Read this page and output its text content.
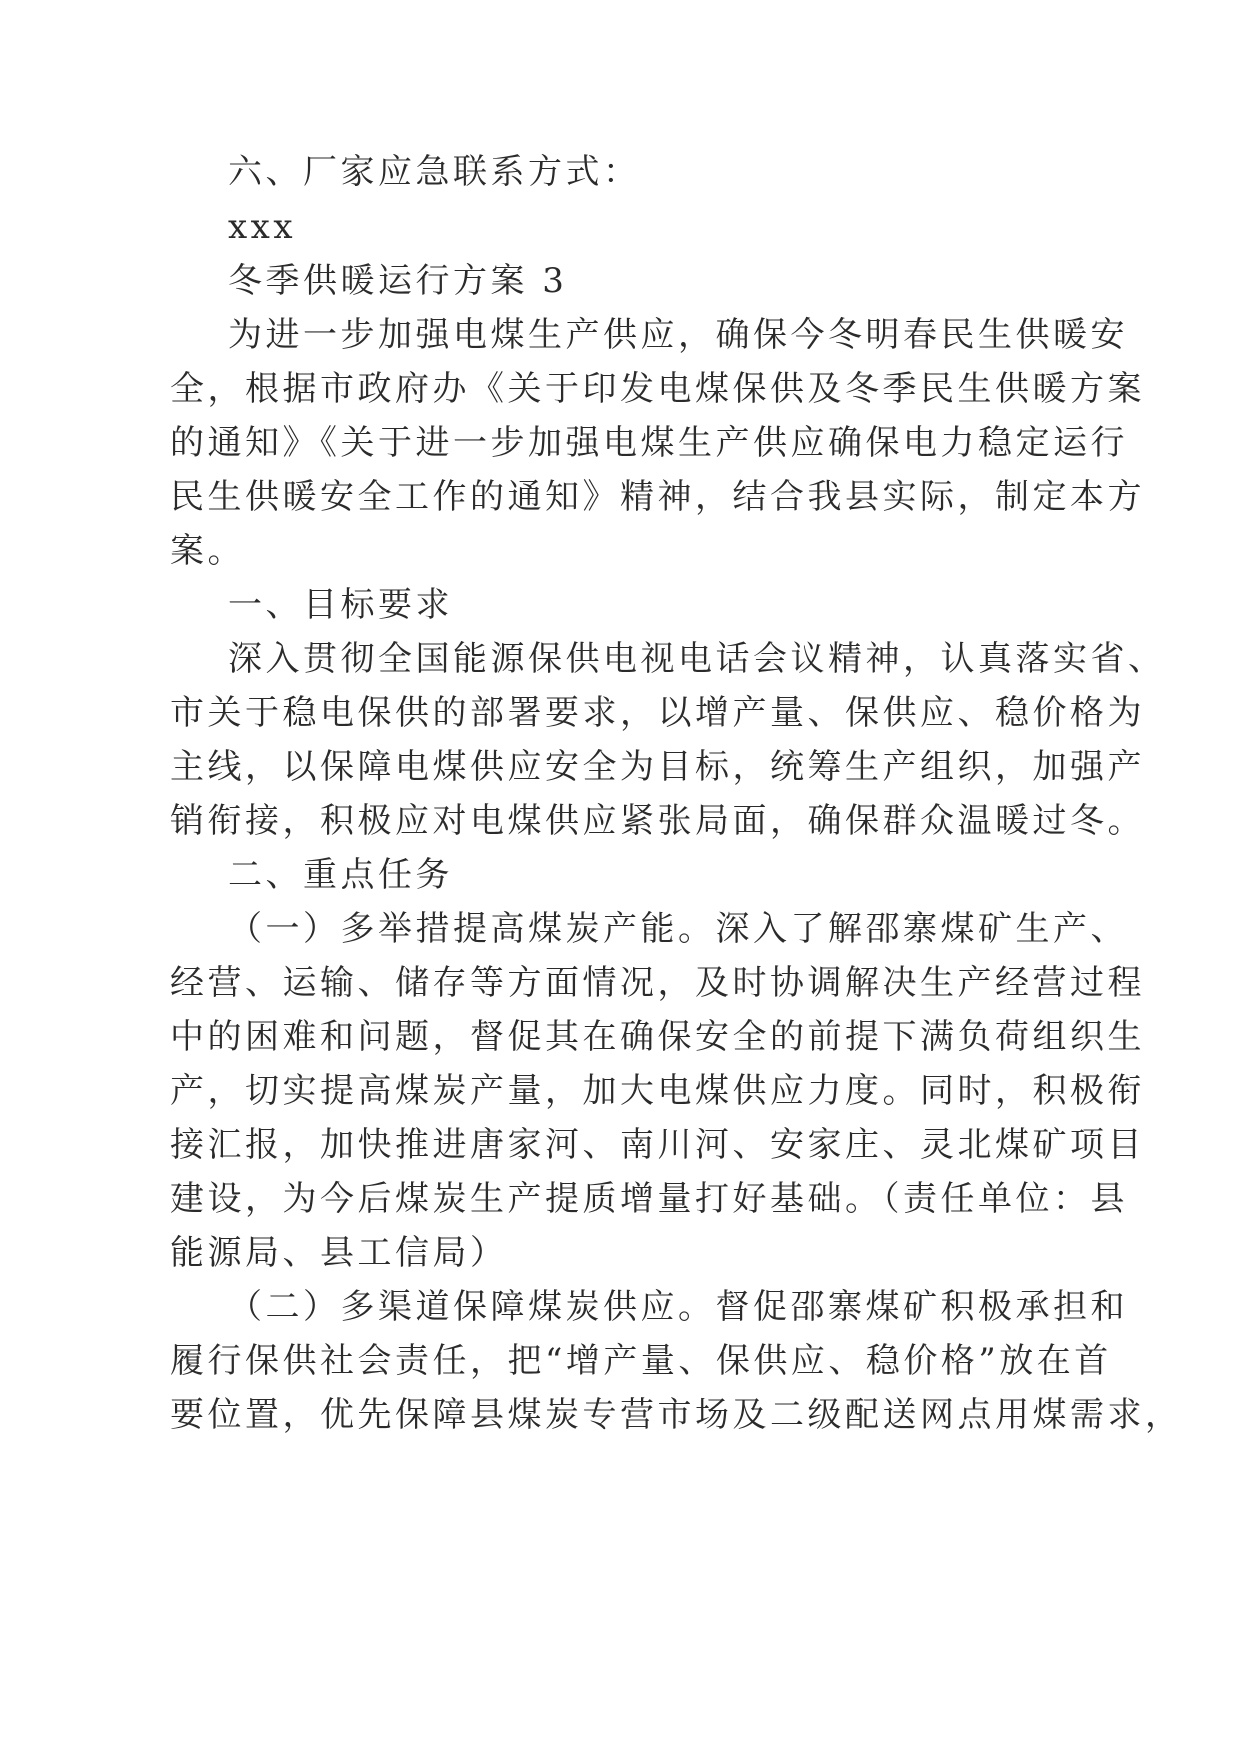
六、厂家应急联系方式：
xxx
冬季供暖运行方案 3
为进一步加强电煤生产供应，确保今冬明春民生供暖安
全，根据市政府办《关于印发电煤保供及冬季民生供暖方案
的通知》《关于进一步加强电煤生产供应确保电力稳定运行
民生供暖安全工作的通知》精神，结合我县实际，制定本方
案。
一、目标要求
深入贯彻全国能源保供电视电话会议精神，认真落实省、
市关于稳电保供的部署要求，以增产量、保供应、稳价格为
主线，以保障电煤供应安全为目标，统筹生产组织，加强产
销衔接，积极应对电煤供应紧张局面，确保群众温暖过冬。
二、重点任务
（一）多举措提高煤炭产能。深入了解邵寨煤矿生产、
经营、运输、储存等方面情况，及时协调解决生产经营过程
中的困难和问题，督促其在确保安全的前提下满负荷组织生
产，切实提高煤炭产量，加大电煤供应力度。同时，积极衔
接汇报，加快推进唐家河、南川河、安家庄、灵北煤矿项目
建设，为今后煤炭生产提质增量打好基础。（责任单位：县
能源局、县工信局）
（二）多渠道保障煤炭供应。督促邵寨煤矿积极承担和
履行保供社会责任，把“增产量、保供应、稳价格”放在首
要位置，优先保障县煤炭专营市场及二级配送网点用煤需求，
